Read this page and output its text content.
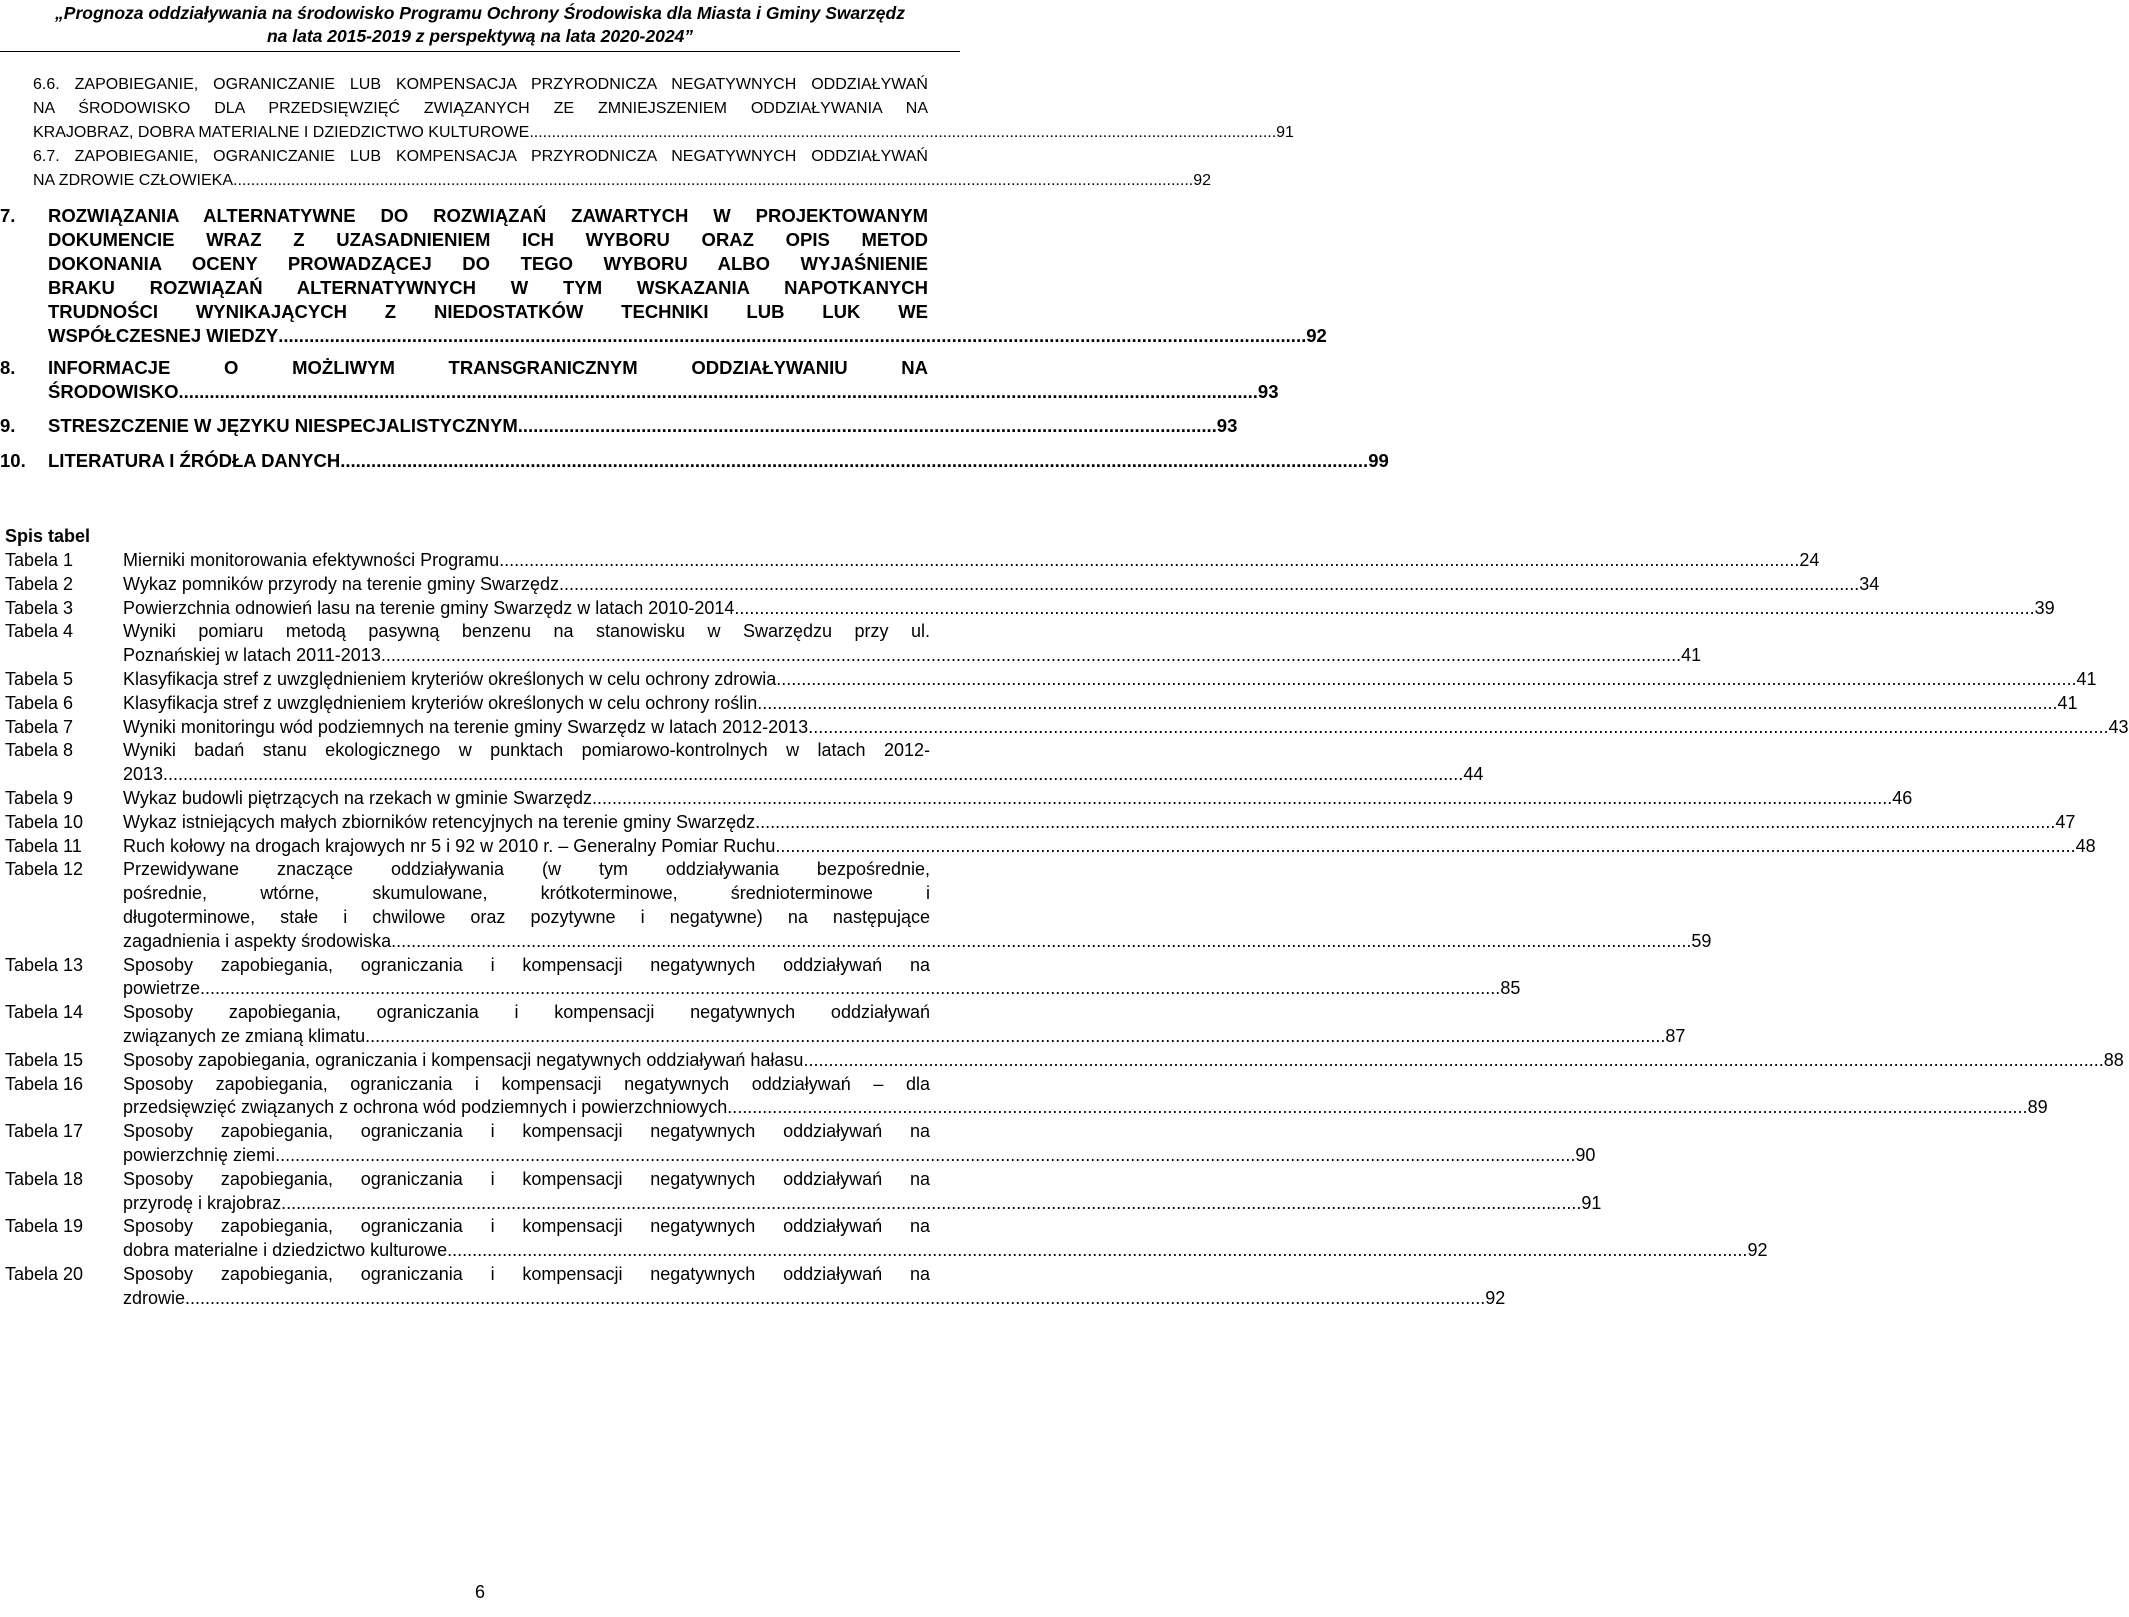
„Prognoza oddziaływania na środowisko Programu Ochrony Środowiska dla Miasta i Gminy Swarzędz
na lata 2015-2019 z perspektywą na lata 2020-2024”
6.6. ZAPOBIEGANIE, OGRANICZANIE LUB KOMPENSACJA PRZYRODNICZA NEGATYWNYCH ODDZIAŁYWAŃ
NA ŚRODOWISKO DLA PRZEDSIĘWZIĘĆ ZWIĄZANYCH ZE ZMNIEJSZENIEM ODDZIAŁYWANIA NA
KRAJOBRAZ, DOBRA MATERIALNE I DZIEDZICTWO KULTUROWE ........................................................................................................................................................................ 91
6.7. ZAPOBIEGANIE, OGRANICZANIE LUB KOMPENSACJA PRZYRODNICZA NEGATYWNYCH ODDZIAŁYWAŃ
NA ZDROWIE CZŁOWIEKA ........................................................................................................................................................................................................................ 92
7.	ROZWIĄZANIA ALTERNATYWNE DO ROZWIĄZAŃ ZAWARTYCH W PROJEKTOWANYM
DOKUMENCIE WRAZ Z UZASADNIENIEM ICH WYBORU ORAZ OPIS METOD
DOKONANIA OCENY PROWADZĄCEJ DO TEGO WYBORU ALBO WYJAŚNIENIE
BRAKU ROZWIĄZAŃ ALTERNATYWNYCH W TYM WSKAZANIA NAPOTKANYCH
TRUDNOŚCI WYNIKAJĄCYCH Z NIEDOSTATKÓW TECHNIKI LUB LUK WE
WSPÓŁCZESNEJ WIEDZY ........................................................................................................................................................................................................ 92
8.	INFORMACJE O MOŻLIWYM TRANSGRANICZNYM ODDZIAŁYWANIU NA
ŚRODOWISKO .................................................................................................................................................................................................................. 93
9.	STRESZCZENIE W JĘZYKU NIESPECJALISTYCZNYM ........................................................................................................................................ 93
10.	LITERATURA I ŹRÓDŁA DANYCH ........................................................................................................................................................................................................ 99
Spis tabel
Tabela 1	Mierniki monitorowania efektywności Programu .................................................................................................................................................................................................................................................................... 24
Tabela 2	Wykaz pomników przyrody na terenie gminy Swarzędz .................................................................................................................................................................................................................................................................... 34
Tabela 3	Powierzchnia odnowień lasu na terenie gminy Swarzędz w latach 2010-2014 .................................................................................................................................................................................................................................................................... 39
Tabela 4	Wyniki pomiaru metodą pasywną benzenu na stanowisku w Swarzędzu przy ul.
Poznańskiej w latach 2011-2013 .................................................................................................................................................................................................................................................................... 41
Tabela 5	Klasyfikacja stref z uwzględnieniem kryteriów określonych w celu ochrony zdrowia .................................................................................................................................................................................................................................................................... 41
Tabela 6	Klasyfikacja stref z uwzględnieniem kryteriów określonych w celu ochrony roślin .................................................................................................................................................................................................................................................................... 41
Tabela 7	Wyniki monitoringu wód podziemnych na terenie gminy Swarzędz w latach 2012-2013 .................................................................................................................................................................................................................................................................... 43
Tabela 8	Wyniki badań stanu ekologicznego w punktach pomiarowo-kontrolnych w latach 2012-
2013 .................................................................................................................................................................................................................................................................... 44
Tabela 9	Wykaz budowli piętrzących na rzekach w gminie Swarzędz .................................................................................................................................................................................................................................................................... 46
Tabela 10	Wykaz istniejących małych zbiorników retencyjnych na terenie gminy Swarzędz .................................................................................................................................................................................................................................................................... 47
Tabela 11	Ruch kołowy na drogach krajowych nr 5 i 92 w 2010 r. – Generalny Pomiar Ruchu .................................................................................................................................................................................................................................................................... 48
Tabela 12	Przewidywane znaczące oddziaływania (w tym oddziaływania bezpośrednie,
pośrednie, wtórne, skumulowane, krótkoterminowe, średnioterminowe i
długoterminowe, stałe i chwilowe oraz pozytywne i negatywne) na następujące
zagadnienia i aspekty środowiska .................................................................................................................................................................................................................................................................... 59
Tabela 13	Sposoby zapobiegania, ograniczania i kompensacji negatywnych oddziaływań na
powietrze .................................................................................................................................................................................................................................................................... 85
Tabela 14	Sposoby zapobiegania, ograniczania i kompensacji negatywnych oddziaływań
związanych ze zmianą klimatu .................................................................................................................................................................................................................................................................... 87
Tabela 15	Sposoby zapobiegania, ograniczania i kompensacji negatywnych oddziaływań hałasu .................................................................................................................................................................................................................................................................... 88
Tabela 16	Sposoby zapobiegania, ograniczania i kompensacji negatywnych oddziaływań – dla
przedsięwzięć związanych z ochrona wód podziemnych i powierzchniowych .................................................................................................................................................................................................................................................................... 89
Tabela 17	Sposoby zapobiegania, ograniczania i kompensacji negatywnych oddziaływań na
powierzchnię ziemi .................................................................................................................................................................................................................................................................... 90
Tabela 18	Sposoby zapobiegania, ograniczania i kompensacji negatywnych oddziaływań na
przyrodę i krajobraz .................................................................................................................................................................................................................................................................... 91
Tabela 19	Sposoby zapobiegania, ograniczania i kompensacji negatywnych oddziaływań na
dobra materialne i dziedzictwo kulturowe .................................................................................................................................................................................................................................................................... 92
Tabela 20	Sposoby zapobiegania, ograniczania i kompensacji negatywnych oddziaływań na
zdrowie .................................................................................................................................................................................................................................................................... 92
6
